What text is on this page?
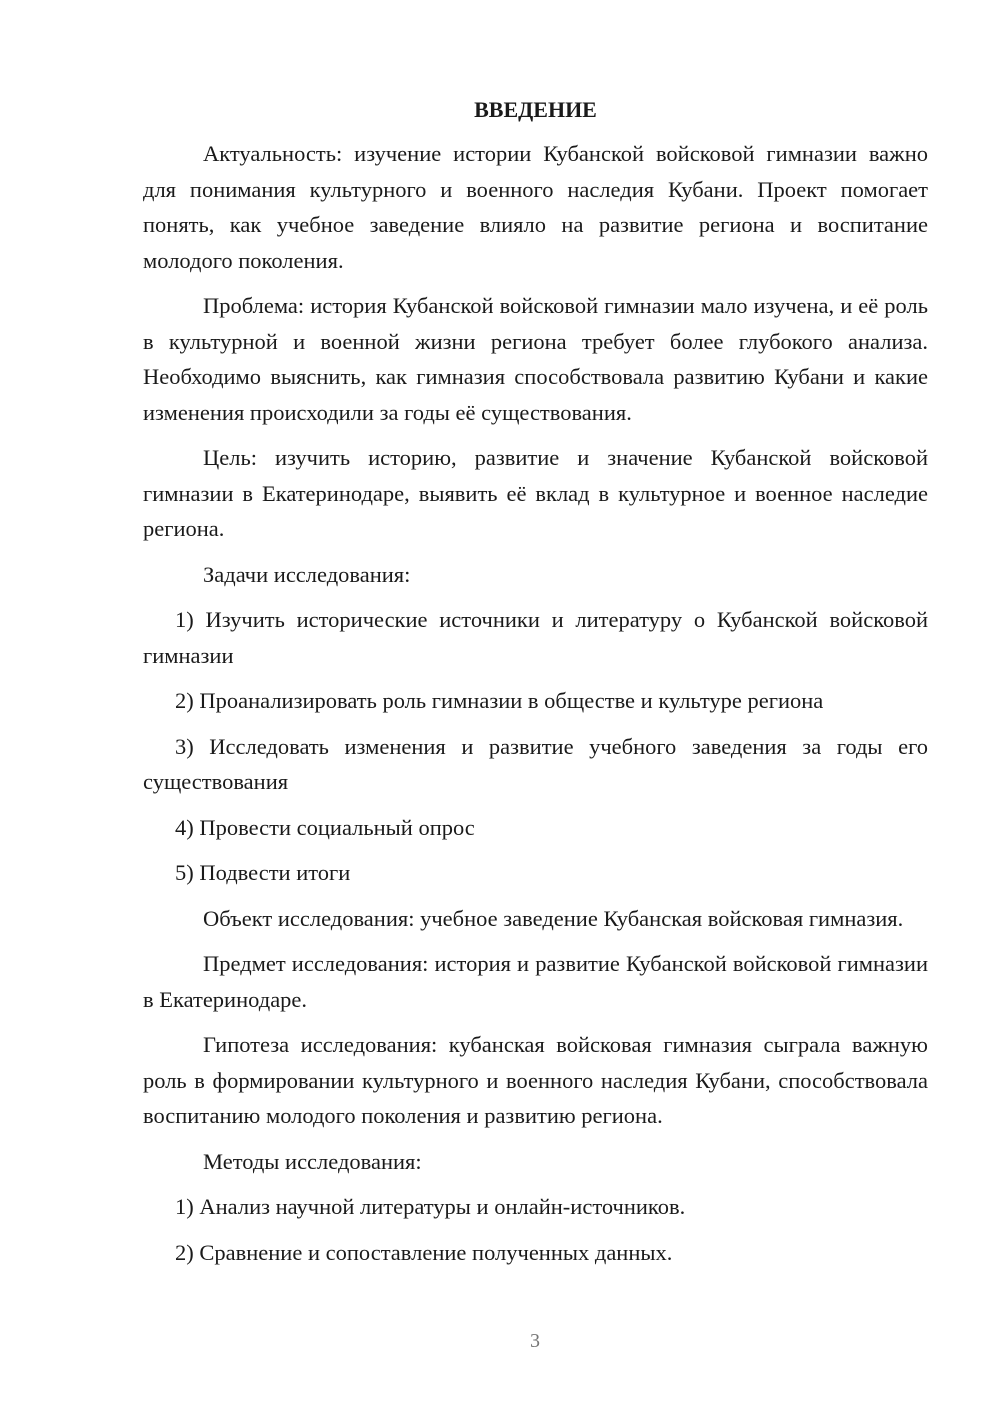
ВВЕДЕНИЕ

Актуальность: изучение истории Кубанской войсковой гимназии важно для понимания культурного и военного наследия Кубани. Проект помогает понять, как учебное заведение влияло на развитие региона и воспитание молодого поколения.

Проблема: история Кубанской войсковой гимназии мало изучена, и её роль в культурной и военной жизни региона требует более глубокого анализа. Необходимо выяснить, как гимназия способствовала развитию Кубани и какие изменения происходили за годы её существования.

Цель: изучить историю, развитие и значение Кубанской войсковой гимназии в Екатеринодаре, выявить её вклад в культурное и военное наследие региона.

Задачи исследования:

1) Изучить исторические источники и литературу о Кубанской войсковой гимназии

2) Проанализировать роль гимназии в обществе и культуре региона

3) Исследовать изменения и развитие учебного заведения за годы его существования

4) Провести социальный опрос

5) Подвести итоги

Объект исследования: учебное заведение Кубанская войсковая гимназия.

Предмет исследования: история и развитие Кубанской войсковой гимназии в Екатеринодаре.

Гипотеза исследования: кубанская войсковая гимназия сыграла важную роль в формировании культурного и военного наследия Кубани, способствовала воспитанию молодого поколения и развитию региона.

Методы исследования:

1) Анализ научной литературы и онлайн-источников.

2) Сравнение и сопоставление полученных данных.

3
